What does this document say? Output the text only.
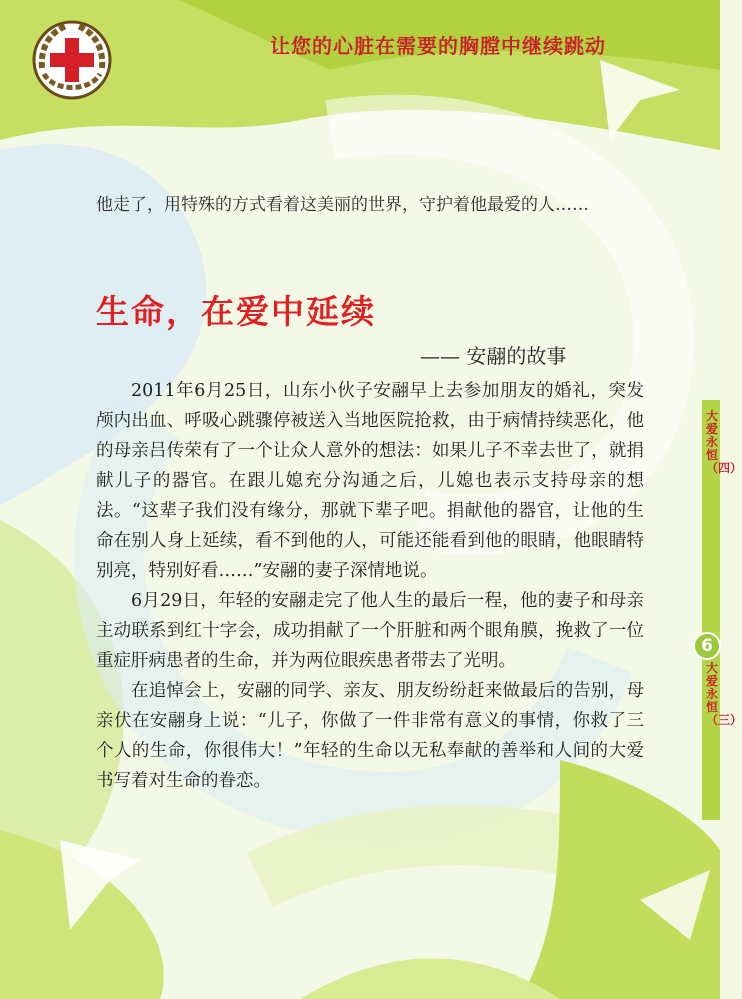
让您的心脏在需要的胸膛中继续跳动
他走了，用特殊的方式看着这美丽的世界，守护着他最爱的人……
生命，在爱中延续
—— 安翮的故事

2011年6月25日，山东小伙子安翮早上去参加朋友的婚礼，突发颅内出血、呼吸心跳骤停被送入当地医院抢救，由于病情持续恶化，他的母亲吕传荣有了一个让众人意外的想法：如果儿子不幸去世了，就捐献儿子的器官。在跟儿媳充分沟通之后，儿媳也表示支持母亲的想法。“这辈子我们没有缘分，那就下辈子吧。捐献他的器官，让他的生命在别人身上延续，看不到他的人，可能还能看到他的眼睛，他眼睛特别亮，特别好看……”安翮的妻子深情地说。

6月29日，年轻的安翮走完了他人生的最后一程，他的妻子和母亲主动联系到红十字会，成功捐献了一个肝脏和两个眼角膜，挽救了一位重症肝病患者的生命，并为两位眼疾患者带去了光明。

在追悼会上，安翮的同学、亲友、朋友纷纷赶来做最后的告别，母亲伏在安翮身上说：“儿子，你做了一件非常有意义的事情，你救了三个人的生命，你很伟大！”年轻的生命以无私奉献的善举和人间的大爱书写着对生命的眷恋。

大爱永恒（四）
6
大爱永恒（三）
